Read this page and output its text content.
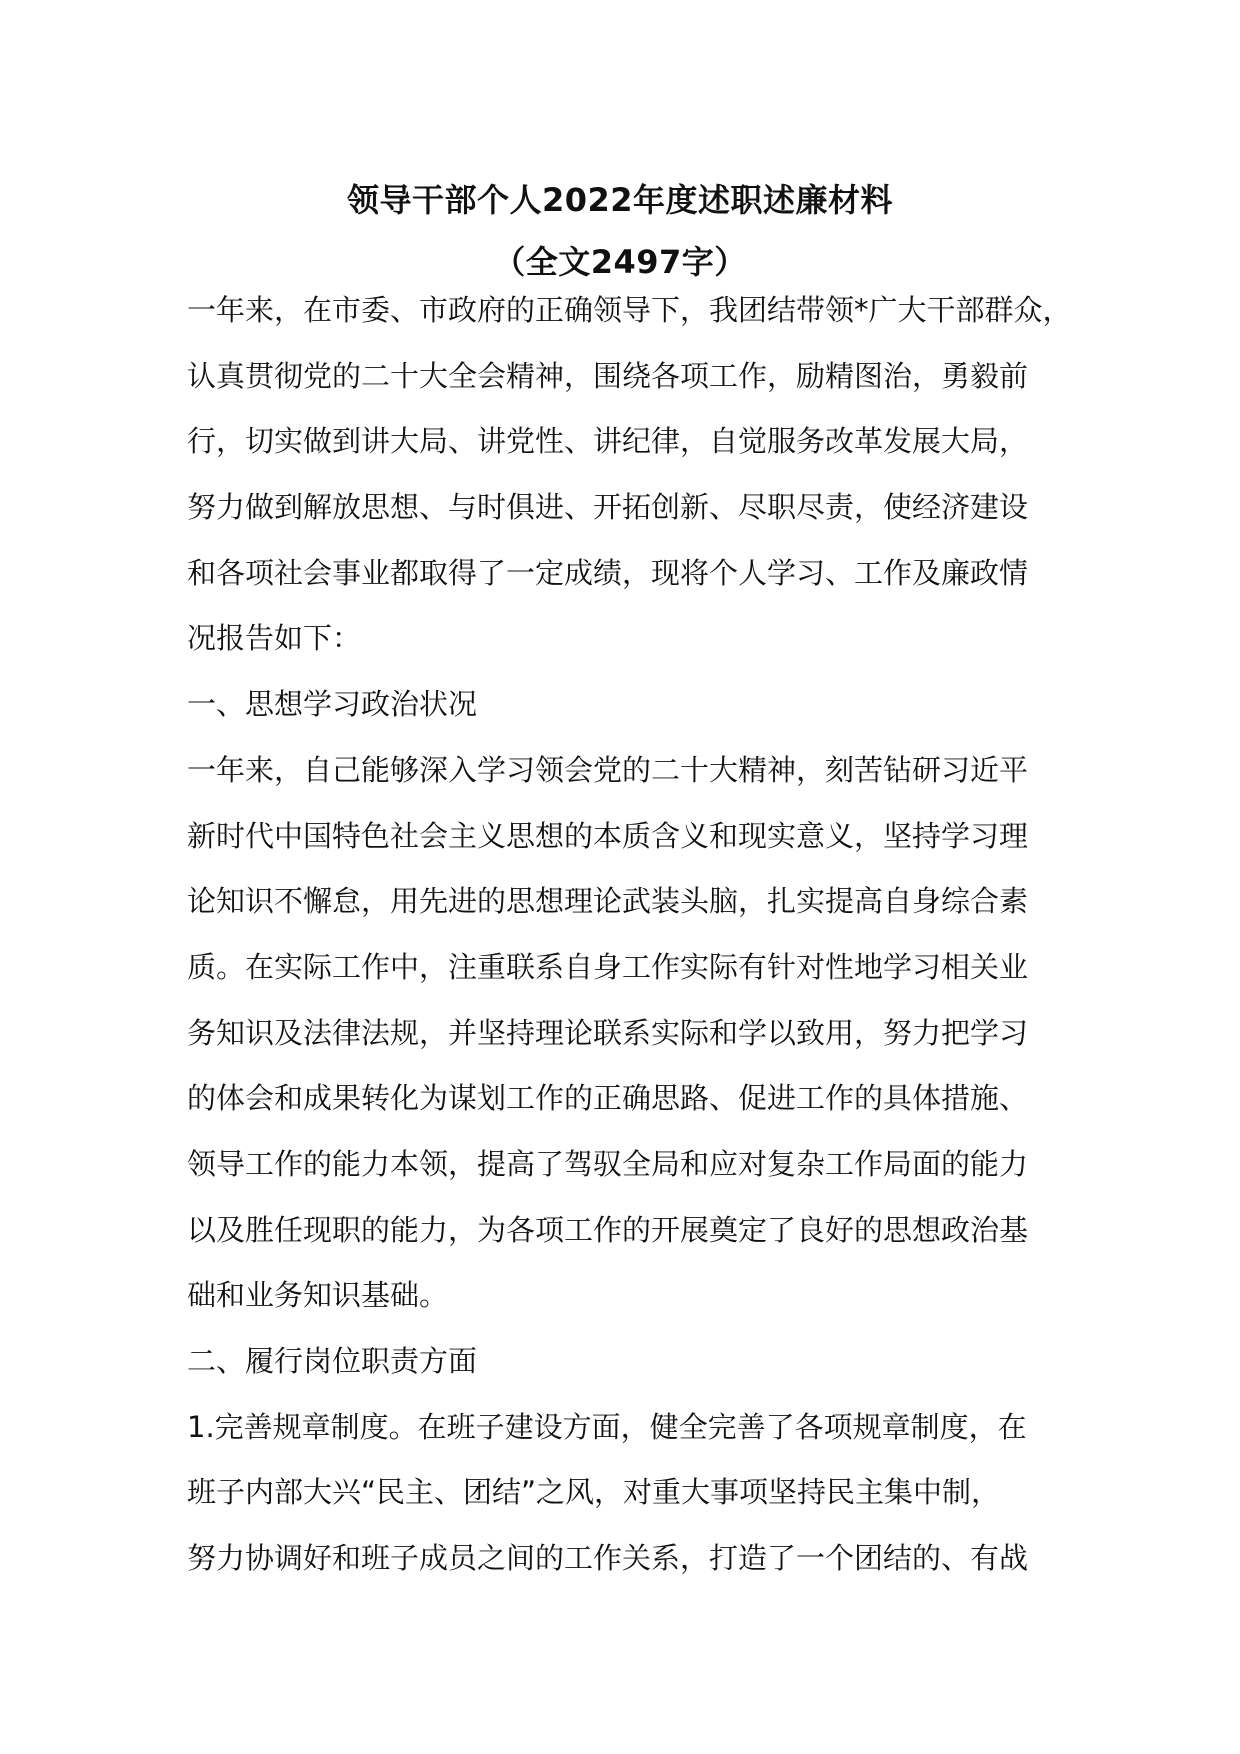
领导干部个人2022年度述职述廉材料
（全文2497字）
一年来，在市委、市政府的正确领导下，我团结带领*广大干部群众，
认真贯彻党的二十大全会精神，围绕各项工作，励精图治，勇毅前
行，切实做到讲大局、讲党性、讲纪律，自觉服务改革发展大局，
努力做到解放思想、与时俱进、开拓创新、尽职尽责，使经济建设
和各项社会事业都取得了一定成绩，现将个人学习、工作及廉政情
况报告如下：
一、思想学习政治状况
一年来，自己能够深入学习领会党的二十大精神，刻苦钻研习近平
新时代中国特色社会主义思想的本质含义和现实意义，坚持学习理
论知识不懈怠，用先进的思想理论武装头脑，扎实提高自身综合素
质。在实际工作中，注重联系自身工作实际有针对性地学习相关业
务知识及法律法规，并坚持理论联系实际和学以致用，努力把学习
的体会和成果转化为谋划工作的正确思路、促进工作的具体措施、
领导工作的能力本领，提高了驾驭全局和应对复杂工作局面的能力
以及胜任现职的能力，为各项工作的开展奠定了良好的思想政治基
础和业务知识基础。
二、履行岗位职责方面
1.完善规章制度。在班子建设方面，健全完善了各项规章制度，在
班子内部大兴“民主、团结”之风，对重大事项坚持民主集中制，
努力协调好和班子成员之间的工作关系，打造了一个团结的、有战
